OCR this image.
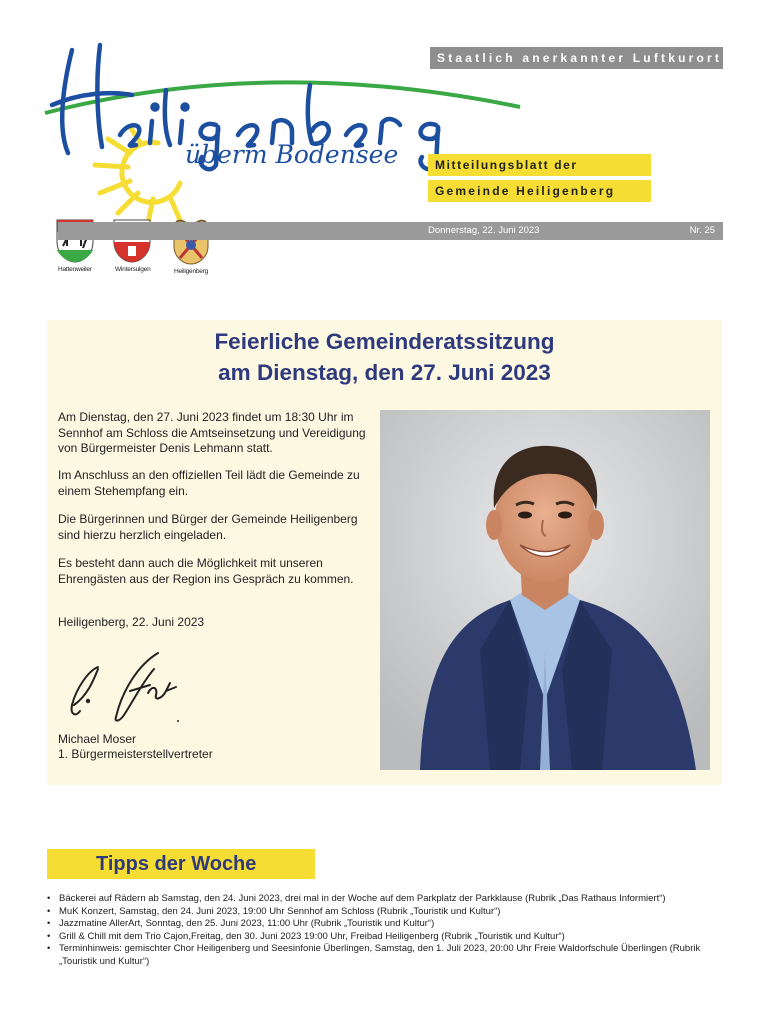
Staatlich anerkannter Luftkurort
überm Bodensee	Mitteilungsblatt der
Gemeinde Heiligenberg
Hattenweiler	Wintersulgen	Heiligenberg
Donnerstag, 22. Juni 2023	Nr. 25
Feierliche Gemeinderatssitzung
am Dienstag, den 27. Juni 2023
Am Dienstag, den 27. Juni 2023 findet um 18:30 Uhr im Sennhof am Schloss die Amtseinsetzung und Vereidigung von Bürgermeister Denis Lehmann statt.
Im Anschluss an den offiziellen Teil lädt die Gemeinde zu einem Stehempfang ein.
Die Bürgerinnen und Bürger der Gemeinde Heiligenberg sind hierzu herzlich eingeladen.
Es besteht dann auch die Möglichkeit mit unseren Ehrengästen aus der Region ins Gespräch zu kommen.
Heiligenberg, 22. Juni 2023
Michael Moser
1. Bürgermeisterstellvertreter
Tipps der Woche
• Bäckerei auf Rädern ab Samstag, den 24. Juni 2023, drei mal in der Woche auf dem Parkplatz der Parkklause (Rubrik „Das Rathaus Informiert“)
• MuK Konzert, Samstag, den 24. Juni 2023, 19:00 Uhr Sennhof am Schloss (Rubrik „Touristik und Kultur“)
• Jazzmatine AllerArt, Sonntag, den 25. Juni 2023, 11:00 Uhr (Rubrik „Touristik und Kultur“)
• Grill & Chill mit dem Trio Cajon,Freitag, den 30. Juni 2023 19:00 Uhr, Freibad Heiligenberg (Rubrik „Touristik und Kultur“)
• Terminhinweis: gemischter Chor Heiligenberg und Seesinfonie Überlingen, Samstag, den 1. Juli 2023, 20:00 Uhr Freie Waldorfschule Überlingen (Rubrik „Touristik und Kultur“)
